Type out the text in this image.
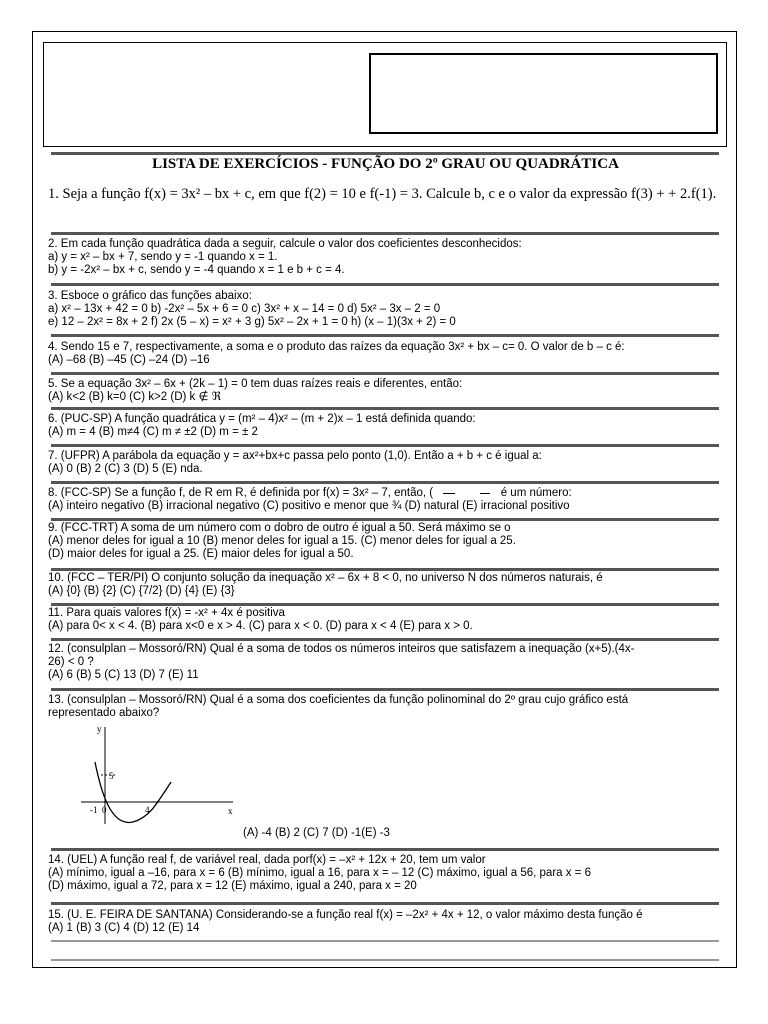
LISTA DE EXERCÍCIOS - FUNÇÃO DO 2º GRAU OU QUADRÁTICA
1. Seja a função f(x) = 3x² – bx + c, em que f(2) = 10 e f(-1) = 3. Calcule b, c e o valor da expressão f(3) + + 2.f(1).
2. Em cada função quadrática dada a seguir, calcule o valor dos coeficientes desconhecidos:
a) y = x² – bx + 7, sendo y = -1 quando x = 1.
b) y = -2x² – bx + c, sendo y = -4 quando x = 1 e b + c = 4.
3. Esboce o gráfico das funções abaixo:
a) x² – 13x + 42 = 0 b) -2x² – 5x + 6 = 0 c) 3x² + x – 14 = 0 d) 5x² – 3x – 2 = 0
e) 12 – 2x² = 8x + 2 f) 2x (5 – x) = x² + 3 g) 5x² – 2x + 1 = 0 h) (x – 1)(3x + 2) = 0
4. Sendo 15 e 7, respectivamente, a soma e o produto das raízes da equação 3x² + bx – c= 0. O valor de b – c é:
(A) –68 (B) –45 (C) –24 (D) –16
5. Se a equação 3x² – 6x + (2k – 1) = 0 tem duas raízes reais e diferentes, então:
(A) k<2 (B) k=0 (C) k>2 (D) k ∉ ℜ
6. (PUC-SP) A função quadrática y = (m² – 4)x² – (m + 2)x – 1 está definida quando:
(A) m = 4 (B) m≠4 (C) m ≠ ±2 (D) m = ± 2
7. (UFPR) A parábola da equação y = ax²+bx+c passa pelo ponto (1,0). Então a + b + c é igual a:
(A) 0 (B) 2 (C) 3 (D) 5 (E) nda.
8. (FCC-SP) Se a função f, de R em R, é definida por f(x) = 3x² – 7, então, (
	é um número:
(A) inteiro negativo (B) irracional negativo (C) positivo e menor que ¾ (D) natural (E) irracional positivo
9. (FCC-TRT) A soma de um número com o dobro de outro é igual a 50. Será máximo se o
(A) menor deles for igual a 10 (B) menor deles for igual a 15. (C) menor deles for igual a 25.
(D) maior deles for igual a 25. (E) maior deles for igual a 50.
10. (FCC – TER/PI) O conjunto solução da inequação x² – 6x + 8 < 0, no universo N dos números naturais, é
(A) {0} (B) {2} (C) {7/2} (D) {4} (E) {3}
11. Para quais valores f(x) = -x² + 4x é positiva
(A) para 0< x < 4. (B) para x<0 e x > 4. (C) para x < 0. (D) para x < 4 (E) para x > 0.
12. (consulplan – Mossoró/RN) Qual é a soma de todos os números inteiros que satisfazem a inequação (x+5).(4x-
26) < 0 ?
(A) 6 (B) 5 (C) 13 (D) 7 (E) 11
13. (consulplan – Mossoró/RN) Qual é a soma dos coeficientes da função polinominal do 2º grau cujo gráfico está
representado abaixo?
y
x
5
-1 0	4
(A) -4 (B) 2 (C) 7 (D) -1(E) -3
14. (UEL) A função real f, de variável real, dada porf(x) = –x² + 12x + 20, tem um valor
(A) mínimo, igual a –16, para x = 6 (B) mínimo, igual a 16, para x = – 12 (C) máximo, igual a 56, para x = 6
(D) máximo, igual a 72, para x = 12 (E) máximo, igual a 240, para x = 20
15. (U. E. FEIRA DE SANTANA) Considerando-se a função real f(x) = –2x² + 4x + 12, o valor máximo desta função é
(A) 1 (B) 3 (C) 4 (D) 12 (E) 14
